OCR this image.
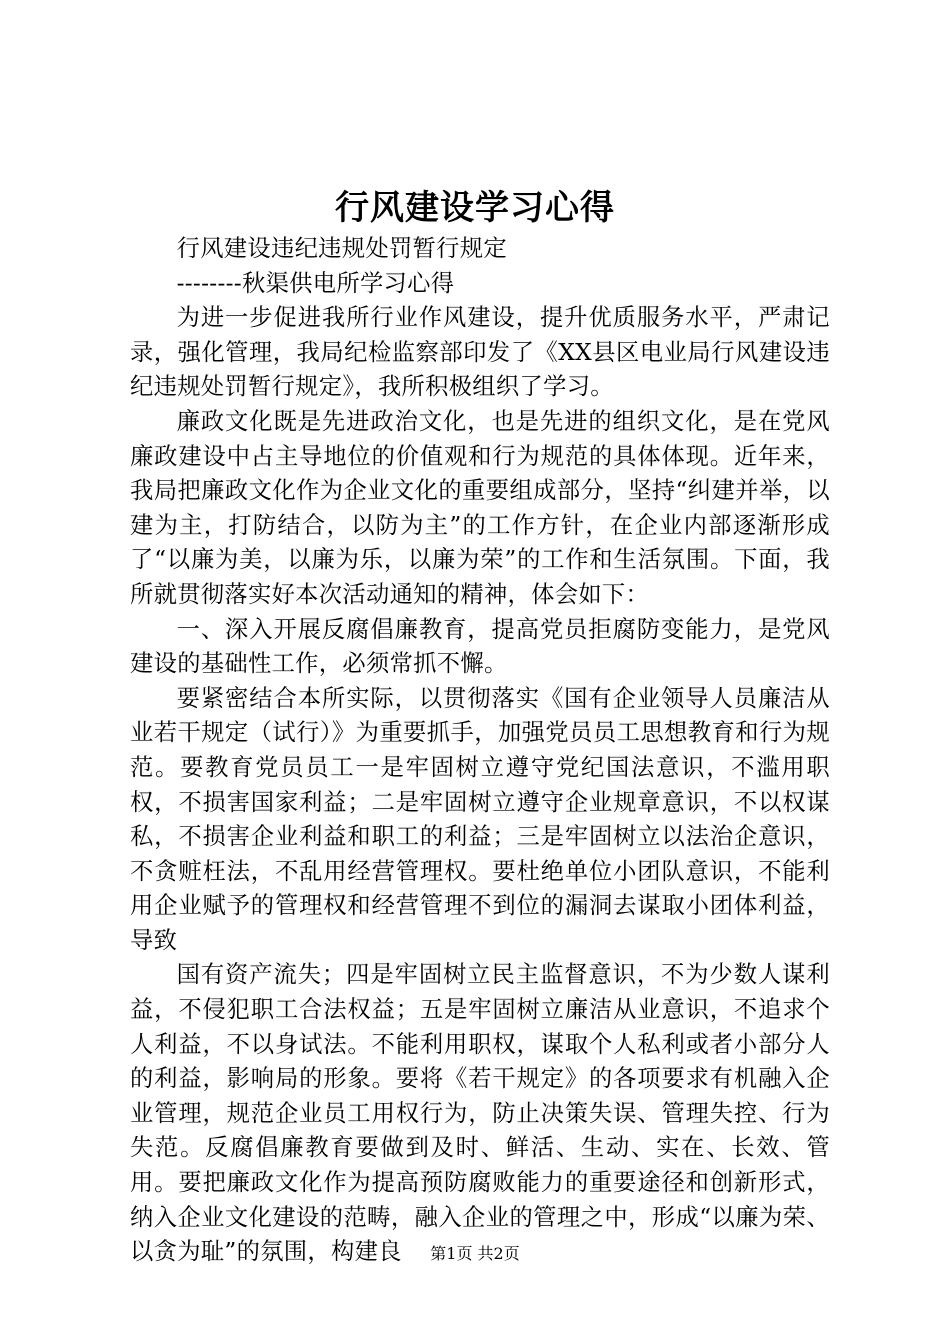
行风建设学习心得

行风建设违纪违规处罚暂行规定

--------秋渠供电所学习心得

为进一步促进我所行业作风建设，提升优质服务水平，严肃记录，强化管理，我局纪检监察部印发了《XX县区电业局行风建设违纪违规处罚暂行规定》，我所积极组织了学习。

廉政文化既是先进政治文化，也是先进的组织文化，是在党风廉政建设中占主导地位的价值观和行为规范的具体体现。近年来，我局把廉政文化作为企业文化的重要组成部分，坚持“纠建并举，以建为主，打防结合，以防为主”的工作方针，在企业内部逐渐形成了“以廉为美，以廉为乐，以廉为荣”的工作和生活氛围。下面，我所就贯彻落实好本次活动通知的精神，体会如下：

一、深入开展反腐倡廉教育，提高党员拒腐防变能力，是党风建设的基础性工作，必须常抓不懈。

要紧密结合本所实际，以贯彻落实《国有企业领导人员廉洁从业若干规定（试行）》为重要抓手，加强党员员工思想教育和行为规范。要教育党员员工一是牢固树立遵守党纪国法意识，不滥用职权，不损害国家利益；二是牢固树立遵守企业规章意识，不以权谋私，不损害企业利益和职工的利益；三是牢固树立以法治企意识，不贪赃枉法，不乱用经营管理权。要杜绝单位小团队意识，不能利用企业赋予的管理权和经营管理不到位的漏洞去谋取小团体利益，导致

国有资产流失；四是牢固树立民主监督意识，不为少数人谋利益，不侵犯职工合法权益；五是牢固树立廉洁从业意识，不追求个人利益，不以身试法。不能利用职权，谋取个人私利或者小部分人的利益，影响局的形象。要将《若干规定》的各项要求有机融入企业管理，规范企业员工用权行为，防止决策失误、管理失控、行为失范。反腐倡廉教育要做到及时、鲜活、生动、实在、长效、管用。要把廉政文化作为提高预防腐败能力的重要途径和创新形式，纳入企业文化建设的范畴，融入企业的管理之中，形成“以廉为荣、以贪为耻”的氛围，构建良	第1页 共2页
